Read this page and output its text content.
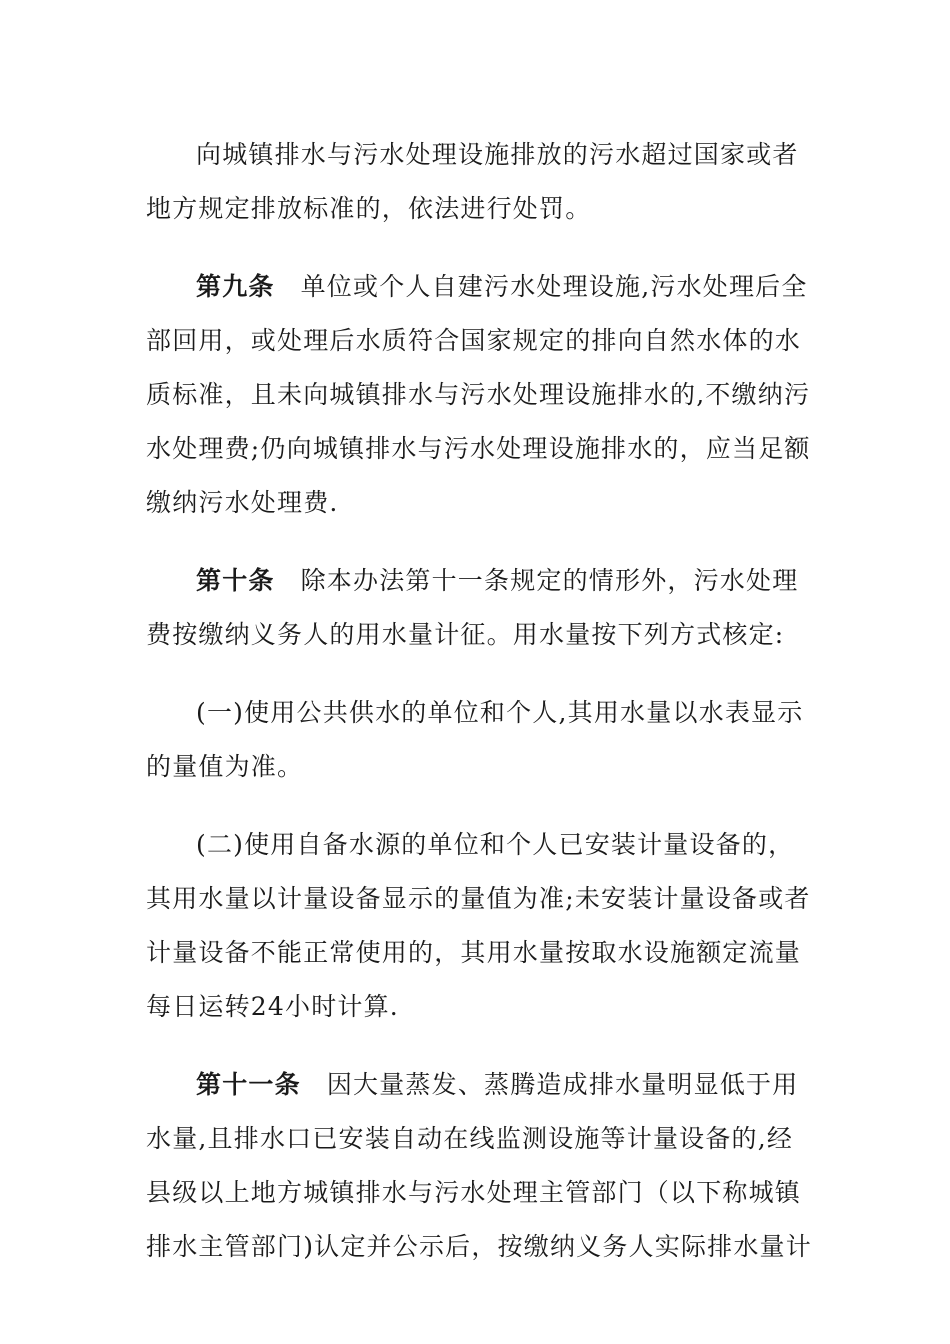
向城镇排水与污水处理设施排放的污水超过国家或者
地方规定排放标准的，依法进行处罚。
第九条 单位或个人自建污水处理设施,污水处理后全
部回用，或处理后水质符合国家规定的排向自然水体的水
质标准，且未向城镇排水与污水处理设施排水的,不缴纳污
水处理费;仍向城镇排水与污水处理设施排水的，应当足额
缴纳污水处理费.
第十条 除本办法第十一条规定的情形外，污水处理
费按缴纳义务人的用水量计征。用水量按下列方式核定:
(一)使用公共供水的单位和个人,其用水量以水表显示
的量值为准。
(二)使用自备水源的单位和个人已安装计量设备的，
其用水量以计量设备显示的量值为准;未安装计量设备或者
计量设备不能正常使用的，其用水量按取水设施额定流量
每日运转24小时计算.
第十一条 因大量蒸发、蒸腾造成排水量明显低于用
水量,且排水口已安装自动在线监测设施等计量设备的,经
县级以上地方城镇排水与污水处理主管部门（以下称城镇
排水主管部门)认定并公示后，按缴纳义务人实际排水量计
